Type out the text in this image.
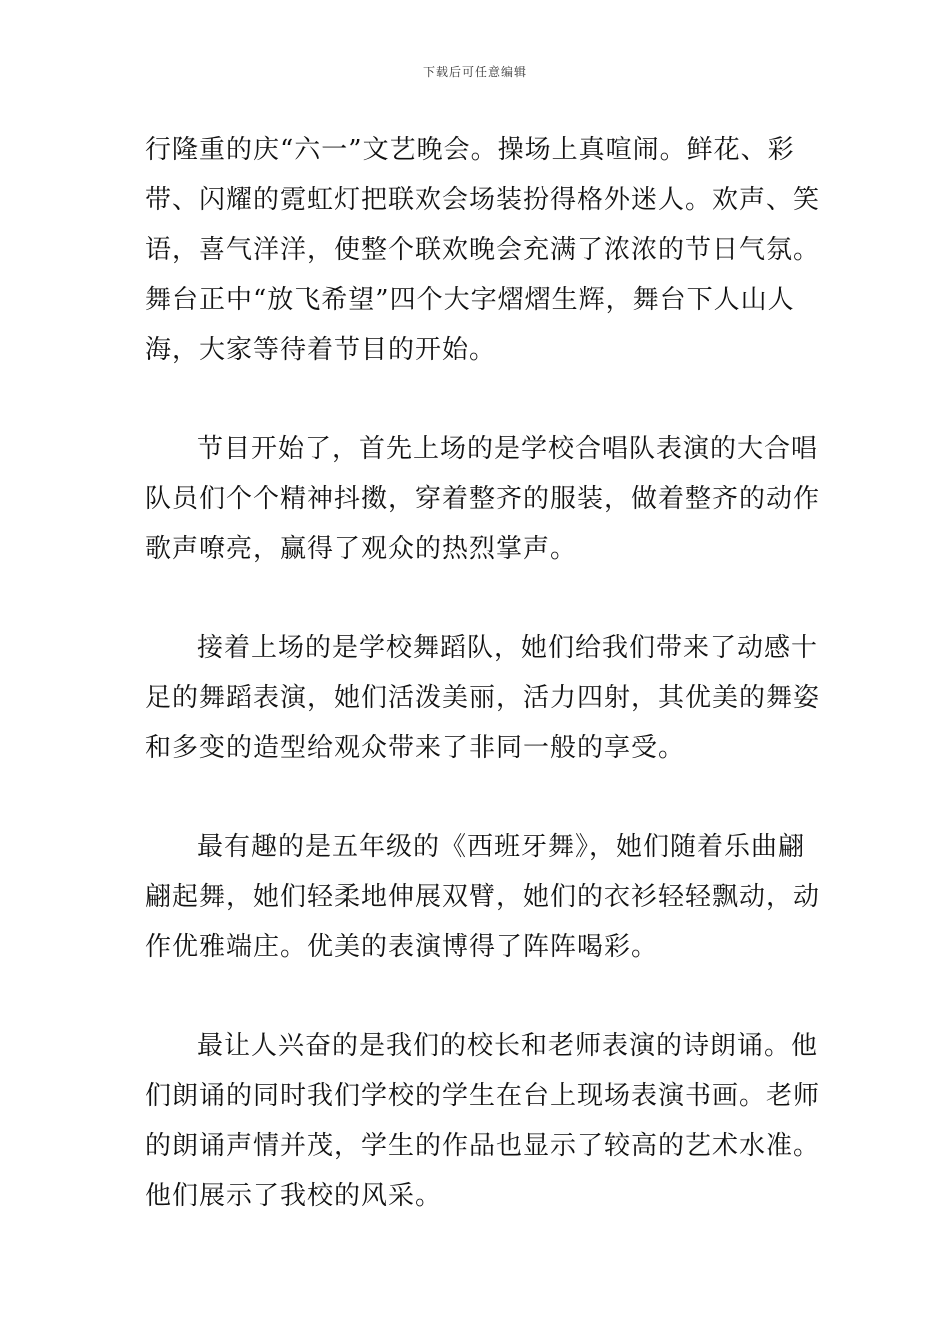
下载后可任意编辑
行隆重的庆“六一”文艺晚会。操场上真喧闹。鲜花、彩
带、闪耀的霓虹灯把联欢会场装扮得格外迷人。欢声、笑
语，喜气洋洋，使整个联欢晚会充满了浓浓的节日气氛。
舞台正中“放飞希望”四个大字熠熠生辉，舞台下人山人
海，大家等待着节目的开始。
节目开始了，首先上场的是学校合唱队表演的大合唱
队员们个个精神抖擞，穿着整齐的服装，做着整齐的动作
歌声嘹亮，赢得了观众的热烈掌声。
接着上场的是学校舞蹈队，她们给我们带来了动感十
足的舞蹈表演，她们活泼美丽，活力四射，其优美的舞姿
和多变的造型给观众带来了非同一般的享受。
最有趣的是五年级的《西班牙舞》，她们随着乐曲翩
翩起舞，她们轻柔地伸展双臂，她们的衣衫轻轻飘动，动
作优雅端庄。优美的表演博得了阵阵喝彩。
最让人兴奋的是我们的校长和老师表演的诗朗诵。他
们朗诵的同时我们学校的学生在台上现场表演书画。老师
的朗诵声情并茂，学生的作品也显示了较高的艺术水准。
他们展示了我校的风采。
